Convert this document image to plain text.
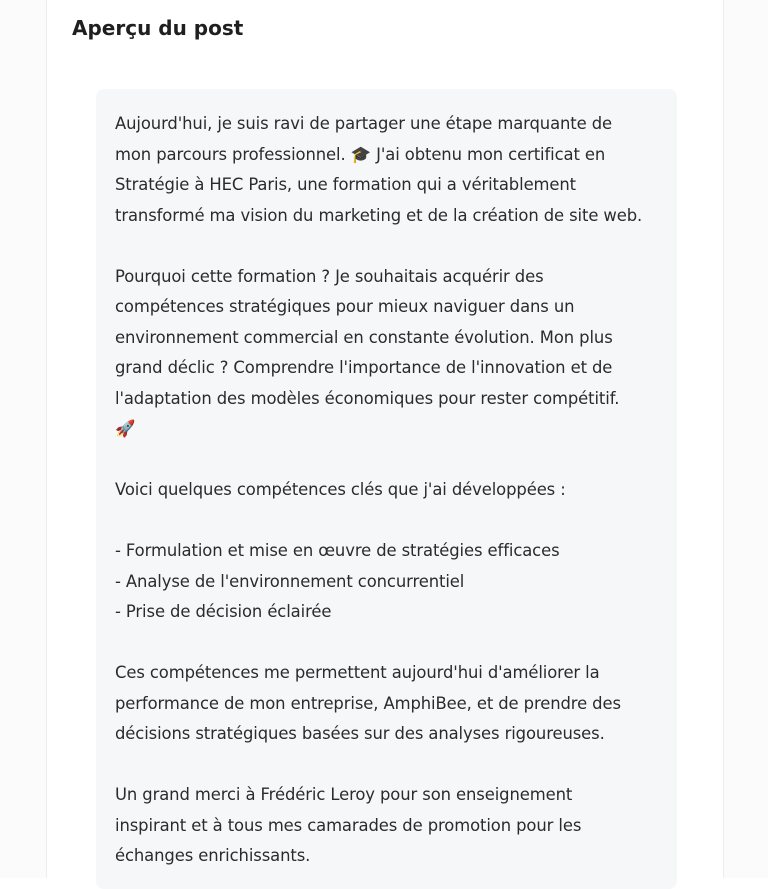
Aperçu du post

Aujourd'hui, je suis ravi de partager une étape marquante de
mon parcours professionnel. 🎓 J'ai obtenu mon certificat en
Stratégie à HEC Paris, une formation qui a véritablement
transformé ma vision du marketing et de la création de site web.

Pourquoi cette formation ? Je souhaitais acquérir des
compétences stratégiques pour mieux naviguer dans un
environnement commercial en constante évolution. Mon plus
grand déclic ? Comprendre l'importance de l'innovation et de
l'adaptation des modèles économiques pour rester compétitif.
🚀

Voici quelques compétences clés que j'ai développées :

- Formulation et mise en œuvre de stratégies efficaces
- Analyse de l'environnement concurrentiel
- Prise de décision éclairée

Ces compétences me permettent aujourd'hui d'améliorer la
performance de mon entreprise, AmphiBee, et de prendre des
décisions stratégiques basées sur des analyses rigoureuses.

Un grand merci à Frédéric Leroy pour son enseignement
inspirant et à tous mes camarades de promotion pour les
échanges enrichissants.
